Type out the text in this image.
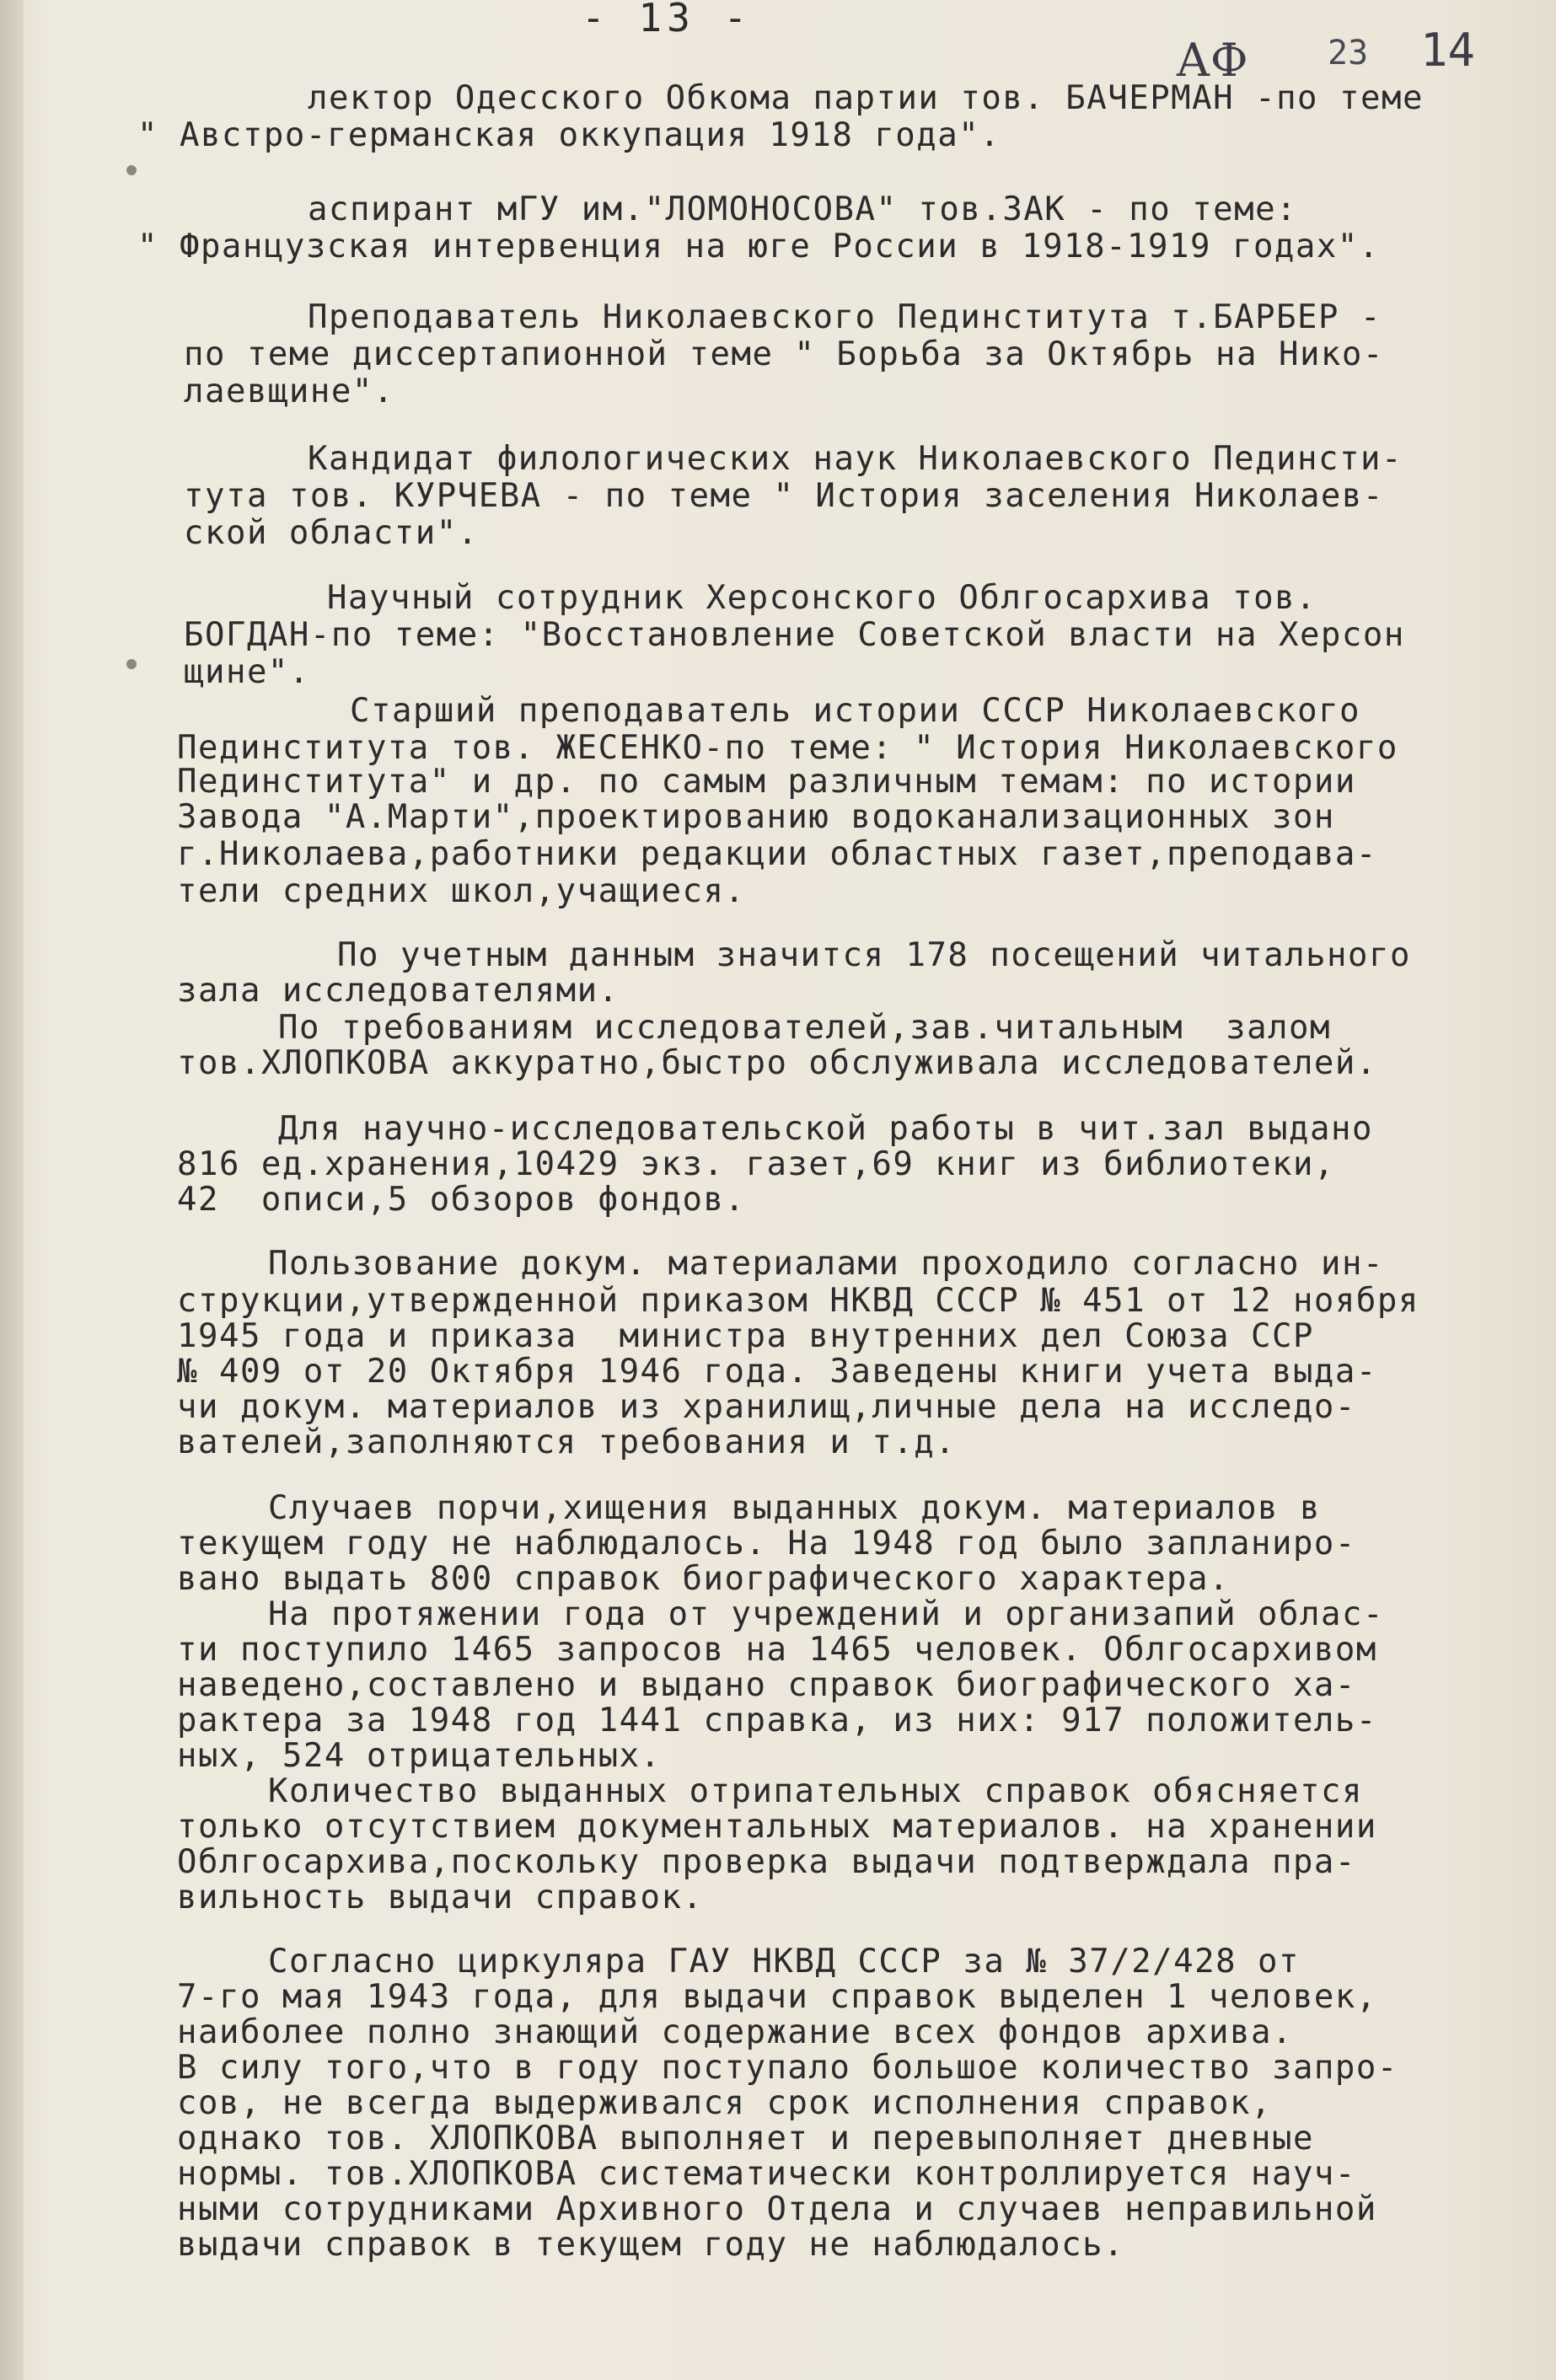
- 13 -
АФ 23 14
лектор Одесского Обкома партии тов. БАЧЕРМАН -по теме
" Австро-германская оккупация 1918 года".
аспирант мГУ им."ЛОМОНОСОВА" тов.ЗАК - по теме:
" Французская интервенция на юге России в 1918-1919 годах".
Преподаватель Николаевского Пединститута т.БАРБЕР -
по теме диссертапионной теме " Борьба за Октябрь на Нико-
лаевщине".
Кандидат филологических наук Николаевского Пединсти-
тута тов. КУРЧЕВА - по теме " История заселения Николаев-
ской области".
Научный сотрудник Херсонского Облгосархива тов.
БОГДАН-по теме: "Восстановление Советской власти на Херсон
щине".
Старший преподаватель истории СССР Николаевского
Пединститута тов. ЖЕСЕНКО-по теме: " История Николаевского
Пединститута" и др. по самым различным темам: по истории
Завода "А.Марти",проектированию водоканализационных зон
г.Николаева,работники редакции областных газет,преподава-
тели средних школ,учащиеся.
По учетным данным значится 178 посещений читального
зала исследователями.
По требованиям исследователей,зав.читальным  залом
тов.ХЛОПКОВА аккуратно,быстро обслуживала исследователей.
Для научно-исследовательской работы в чит.зал выдано
816 ед.хранения,10429 экз. газет,69 книг из библиотеки,
42  описи,5 обзоров фондов.
Пользование докум. материалами проходило согласно ин-
струкции,утвержденной приказом НКВД СССР № 451 от 12 ноября
1945 года и приказа  министра внутренних дел Союза ССР
№ 409 от 20 Октября 1946 года. Заведены книги учета выда-
чи докум. материалов из хранилищ,личные дела на исследо-
вателей,заполняются требования и т.д.
Случаев порчи,хищения выданных докум. материалов в
текущем году не наблюдалось. На 1948 год было запланиро-
вано выдать 800 справок биографического характера.
На протяжении года от учреждений и организапий облас-
ти поступило 1465 запросов на 1465 человек. Облгосархивом
наведено,составлено и выдано справок биографического ха-
рактера за 1948 год 1441 справка, из них: 917 положитель-
ных, 524 отрицательных.
Количество выданных отрипательных справок обясняется
только отсутствием документальных материалов. на хранении
Облгосархива,поскольку проверка выдачи подтверждала пра-
вильность выдачи справок.
Согласно циркуляра ГАУ НКВД СССР за № 37/2/428 от
7-го мая 1943 года, для выдачи справок выделен 1 человек,
наиболее полно знающий содержание всех фондов архива.
В силу того,что в году поступало большое количество запро-
сов, не всегда выдерживался срок исполнения справок,
однако тов. ХЛОПКОВА выполняет и перевыполняет дневные
нормы. тов.ХЛОПКОВА систематически контроллируется науч-
ными сотрудниками Архивного Отдела и случаев неправильной
выдачи справок в текущем году не наблюдалось.
